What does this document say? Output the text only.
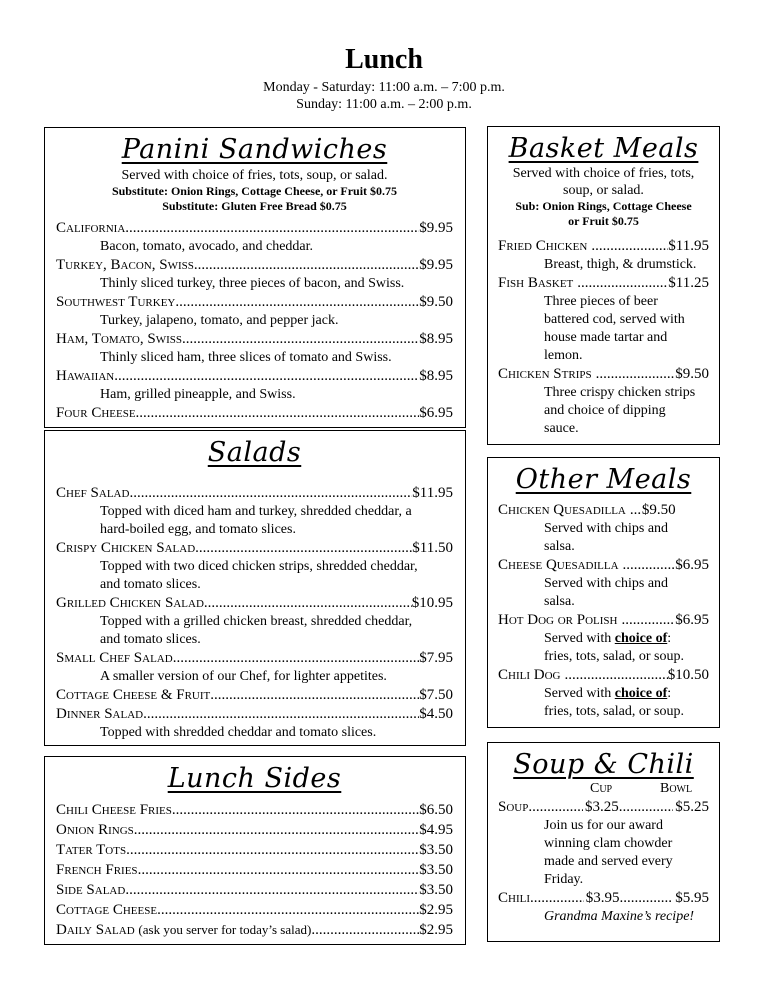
Lunch
Monday - Saturday: 11:00 a.m. – 7:00 p.m.
Sunday: 11:00 a.m. – 2:00 p.m.
Panini Sandwiches
Served with choice of fries, tots, soup, or salad.
Substitute: Onion Rings, Cottage Cheese, or Fruit $0.75
Substitute: Gluten Free Bread $0.75
California .....	$9.95
Bacon, tomato, avocado, and cheddar.
Turkey, Bacon, Swiss .....	$9.95
Thinly sliced turkey, three pieces of bacon, and Swiss.
Southwest Turkey .....	$9.50
Turkey, jalapeno, tomato, and pepper jack.
Ham, Tomato, Swiss .....	$8.95
Thinly sliced ham, three slices of tomato and Swiss.
Hawaiian .....	$8.95
Ham, grilled pineapple, and Swiss.
Four Cheese .....	$6.95
Salads
Chef Salad .....	$11.95
Topped with diced ham and turkey, shredded cheddar, a
hard-boiled egg, and tomato slices.
Crispy Chicken Salad .....	$11.50
Topped with two diced chicken strips, shredded cheddar,
and tomato slices.
Grilled Chicken Salad .....	$10.95
Topped with a grilled chicken breast, shredded cheddar,
and tomato slices.
Small Chef Salad .....	$7.95
A smaller version of our Chef, for lighter appetites.
Cottage Cheese & Fruit .....	$7.50
Dinner Salad .....	$4.50
Topped with shredded cheddar and tomato slices.
Lunch Sides
Chili Cheese Fries .....	$6.50
Onion Rings .....	$4.95
Tater Tots .....	$3.50
French Fries .....	$3.50
Side Salad .....	$3.50
Cottage Cheese .....	$2.95
Daily Salad
(ask you server for today’s salad) .....	$2.95
Basket Meals
Served with choice of fries, tots,
soup, or salad.
Sub: Onion Rings, Cottage Cheese
or Fruit $0.75
Fried Chicken .....	$11.95
Breast, thigh, & drumstick.
Fish Basket .....	$11.25
Three pieces of beer
battered cod, served with
house made tartar and
lemon.
Chicken Strips .....	$9.50
Three crispy chicken strips
and choice of dipping
sauce.
Other Meals
Chicken Quesadilla ..... $9.50
Served with chips and
salsa.
Cheese Quesadilla .....	$6.95
Served with chips and
salsa.
Hot Dog or Polish .....	$6.95
Served with choice of:
fries, tots, salad, or soup.
Chili Dog .....	$10.50
Served with choice of:
fries, tots, salad, or soup.
Soup & Chili
Cup	Bowl
Soup .....	$3.25 .....	$5.25
Join us for our award
winning clam chowder
made and served every
Friday.
Chili .....	$3.95 .....	$5.95
Grandma Maxine’s recipe!
